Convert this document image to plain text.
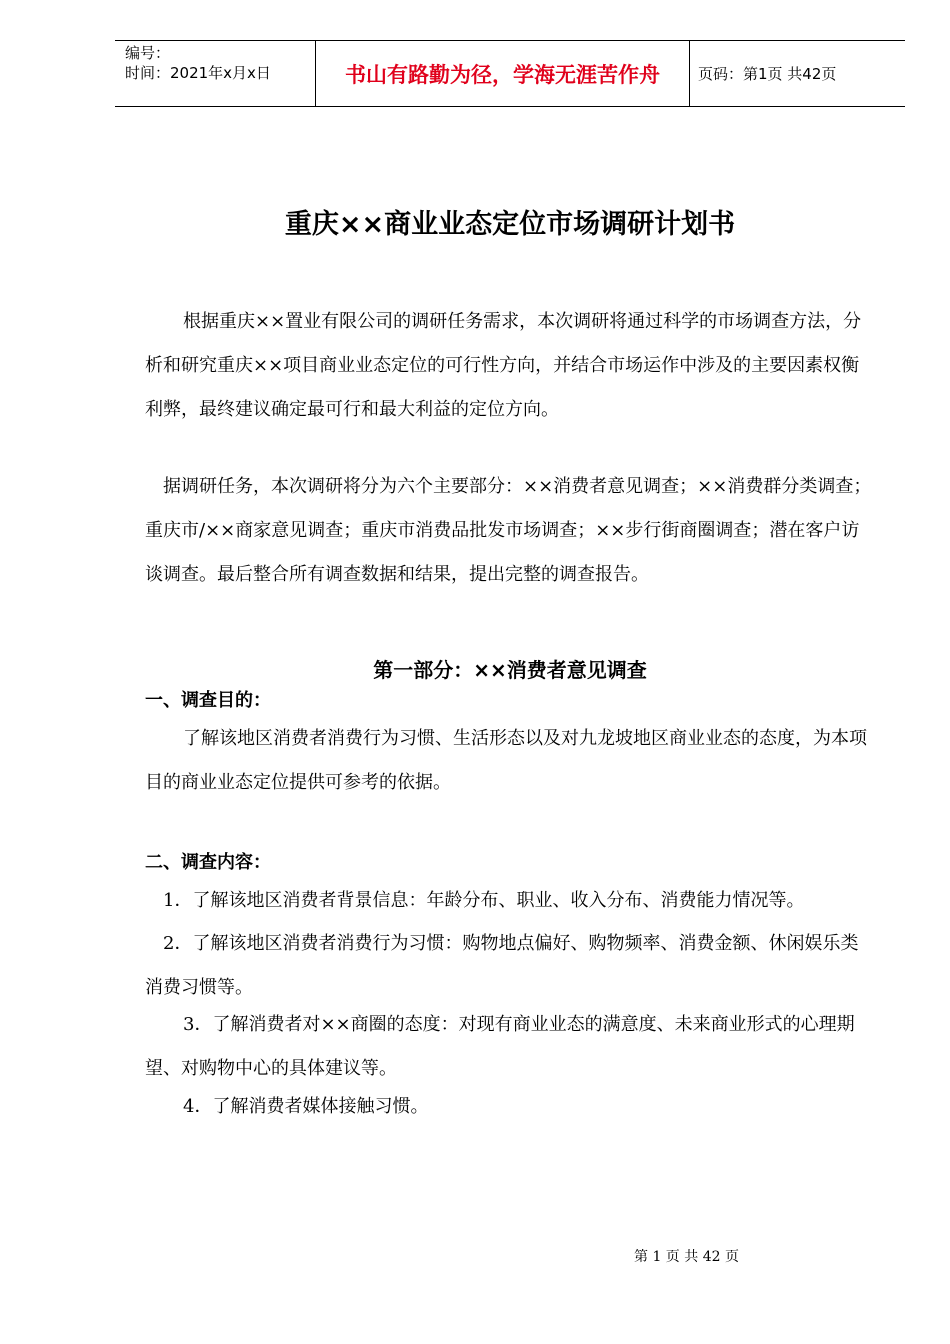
编号：
时间：2021年x月x日	书山有路勤为径，学海无涯苦作舟	页码：第1页 共42页
重庆××商业业态定位市场调研计划书
根据重庆××置业有限公司的调研任务需求，本次调研将通过科学的市场调查方法，分析和研究重庆××项目商业业态定位的可行性方向，并结合市场运作中涉及的主要因素权衡利弊，最终建议确定最可行和最大利益的定位方向。
据调研任务，本次调研将分为六个主要部分：××消费者意见调查；××消费群分类调查；重庆市/××商家意见调查；重庆市消费品批发市场调查；××步行街商圈调查；潜在客户访谈调查。最后整合所有调查数据和结果，提出完整的调查报告。
第一部分：××消费者意见调查
一、调查目的：
了解该地区消费者消费行为习惯、生活形态以及对九龙坡地区商业业态的态度，为本项目的商业业态定位提供可参考的依据。
二、调查内容：
1．了解该地区消费者背景信息：年龄分布、职业、收入分布、消费能力情况等。
2．了解该地区消费者消费行为习惯：购物地点偏好、购物频率、消费金额、休闲娱乐类消费习惯等。
3．了解消费者对××商圈的态度：对现有商业业态的满意度、未来商业形式的心理期望、对购物中心的具体建议等。
4．了解消费者媒体接触习惯。
第 1 页 共 42 页
